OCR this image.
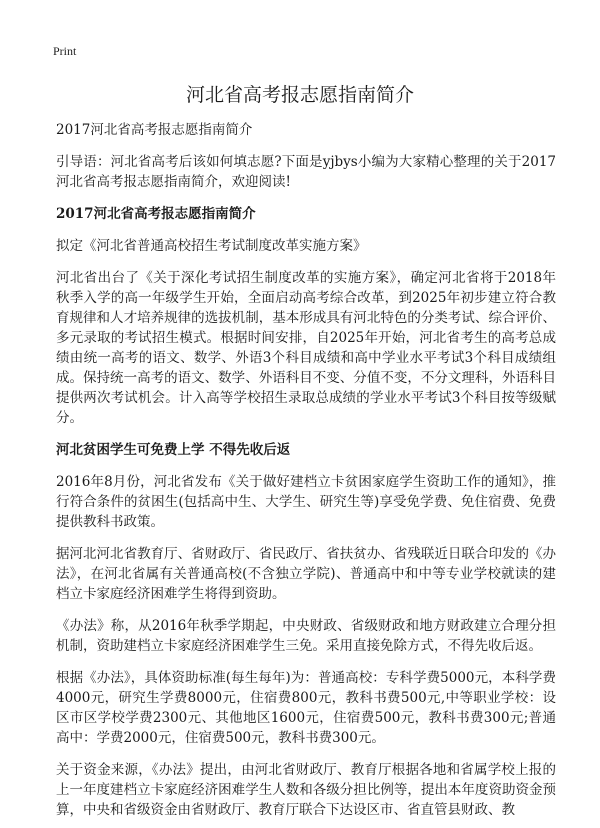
Print
河北省高考报志愿指南简介

2017河北省高考报志愿指南简介

引导语：河北省高考后该如何填志愿?下面是yjbys小编为大家精心整理的关于2017河北省高考报志愿指南简介，欢迎阅读!

2017河北省高考报志愿指南简介

拟定《河北省普通高校招生考试制度改革实施方案》

河北省出台了《关于深化考试招生制度改革的实施方案》，确定河北省将于2018年秋季入学的高一年级学生开始，全面启动高考综合改革，到2025年初步建立符合教育规律和人才培养规律的选拔机制，基本形成具有河北特色的分类考试、综合评价、多元录取的考试招生模式。根据时间安排，自2025年开始，河北省考生的高考总成绩由统一高考的语文、数学、外语3个科目成绩和高中学业水平考试3个科目成绩组成。保持统一高考的语文、数学、外语科目不变、分值不变，不分文理科，外语科目提供两次考试机会。计入高等学校招生录取总成绩的学业水平考试3个科目按等级赋分。

河北贫困学生可免费上学 不得先收后返

2016年8月份，河北省发布《关于做好建档立卡贫困家庭学生资助工作的通知》，推行符合条件的贫困生(包括高中生、大学生、研究生等)享受免学费、免住宿费、免费提供教科书政策。

据河北河北省教育厅、省财政厅、省民政厅、省扶贫办、省残联近日联合印发的《办法》，在河北省属有关普通高校(不含独立学院)、普通高中和中等专业学校就读的建档立卡家庭经济困难学生将得到资助。

《办法》称，从2016年秋季学期起，中央财政、省级财政和地方财政建立合理分担机制，资助建档立卡家庭经济困难学生三免。采用直接免除方式，不得先收后返。

根据《办法》，具体资助标准(每生每年)为：普通高校：专科学费5000元，本科学费4000元，研究生学费8000元，住宿费800元，教科书费500元,中等职业学校：设区市区学校学费2300元、其他地区1600元，住宿费500元，教科书费300元;普通高中：学费2000元，住宿费500元，教科书费300元。

关于资金来源，《办法》提出，由河北省财政厅、教育厅根据各地和省属学校上报的上一年度建档立卡家庭经济困难学生人数和各级分担比例等，提出本年度资助资金预算，中央和省级资金由省财政厅、教育厅联合下达设区市、省直管县财政、教
